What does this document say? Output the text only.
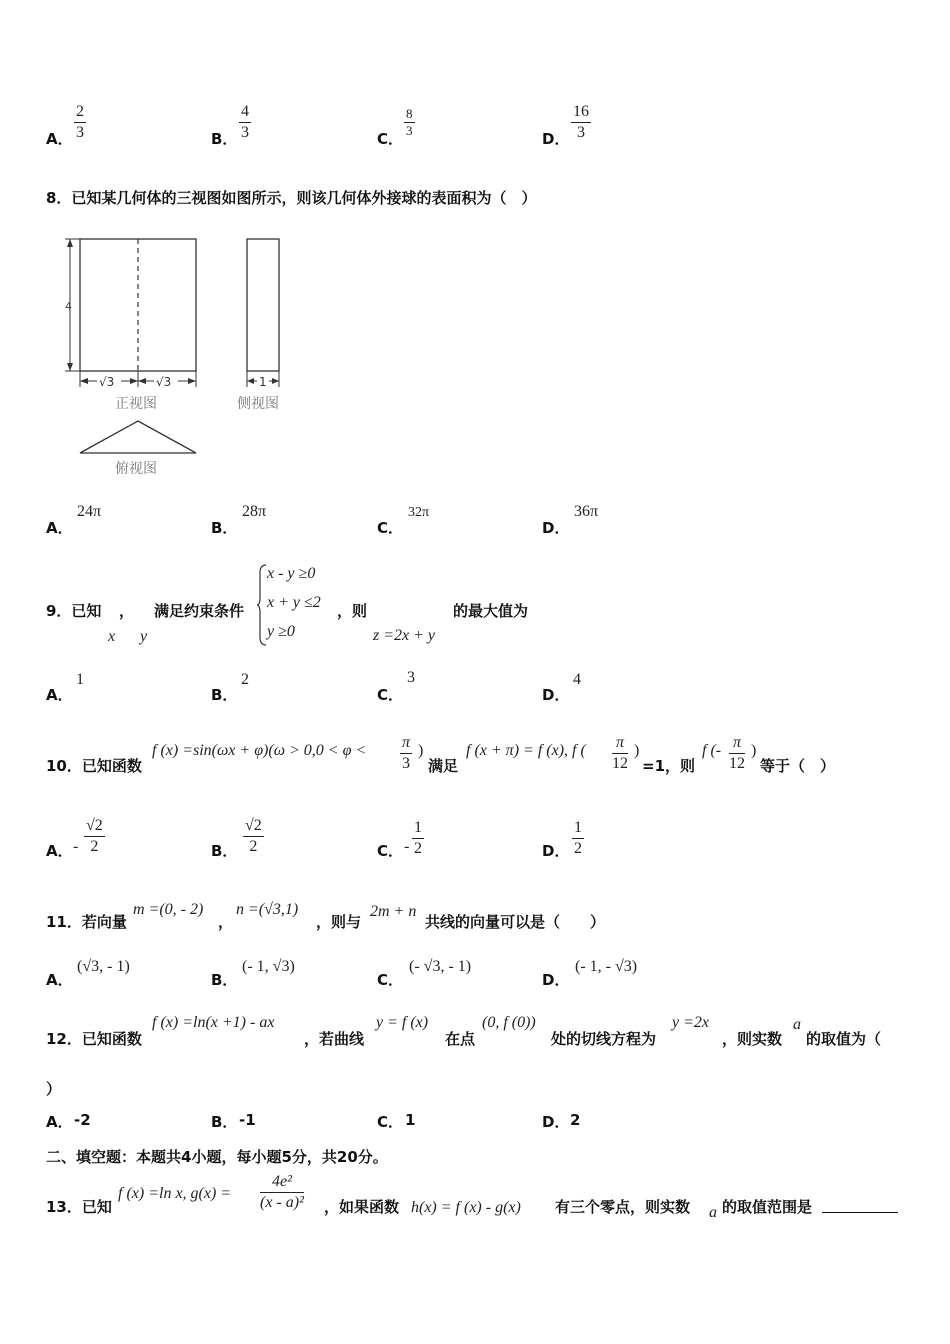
A． $\frac{2}{3}$	B． $\frac{4}{3}$	C． $\frac{8}{3}$	D． $\frac{16}{3}$
8．已知某几何体的三视图如图所示，则该几何体外接球的表面积为（　）
4
√3	√3
正视图
1
侧视图
俯视图
A．
24π
B．
28π
C．
32π
D．
36π
9．已知 ，
x y
满足约束条件
x - y ≥0
x + y ≤2
y ≥0
，则
z =2x + y
的最大值为
A．
1
B．
2
C．
3
D．
4
10．已知函数
f $(x) =\sin(\omega x + \varphi)(\omega > 0,0 < \varphi < \frac{\pi}{3}$ )
满足
f (x + π) = f (x), f ( $\frac{\pi}{12}$ )
=1，则
f (- $\frac{\pi}{12}$ )
等于（　）
A． - $\frac{√2}{2}$	B． $\frac{√2}{2}$	C． - $\frac{1}{2}$	D． $\frac{1}{2}$
11．若向量
m =(0, - 2)
，
n =(√3,1)
，则与
2m + n
共线的向量可以是（　　）
A．
(√3, - 1)
B．
(- 1, √3)
C．
(- √3, - 1)
D．
(- 1, - √3)
12．已知函数
f (x) =ln(x +1) - ax
，若曲线
y = f (x)
在点
(0, f (0))
处的切线方程为
y =2x
，则实数
a
的取值为（
）
A． -2	B． -1	C． 1	D． 2
二、填空题：本题共4小题，每小题5分，共20分。
13．已知
f (x) =ln x, $g(x) = \frac{\text{4e²}}{\text{(x - a)²}}$ ，如果函数 h(x) = f (x) - g(x) 有三个零点，则实数 a 的取值范围是
